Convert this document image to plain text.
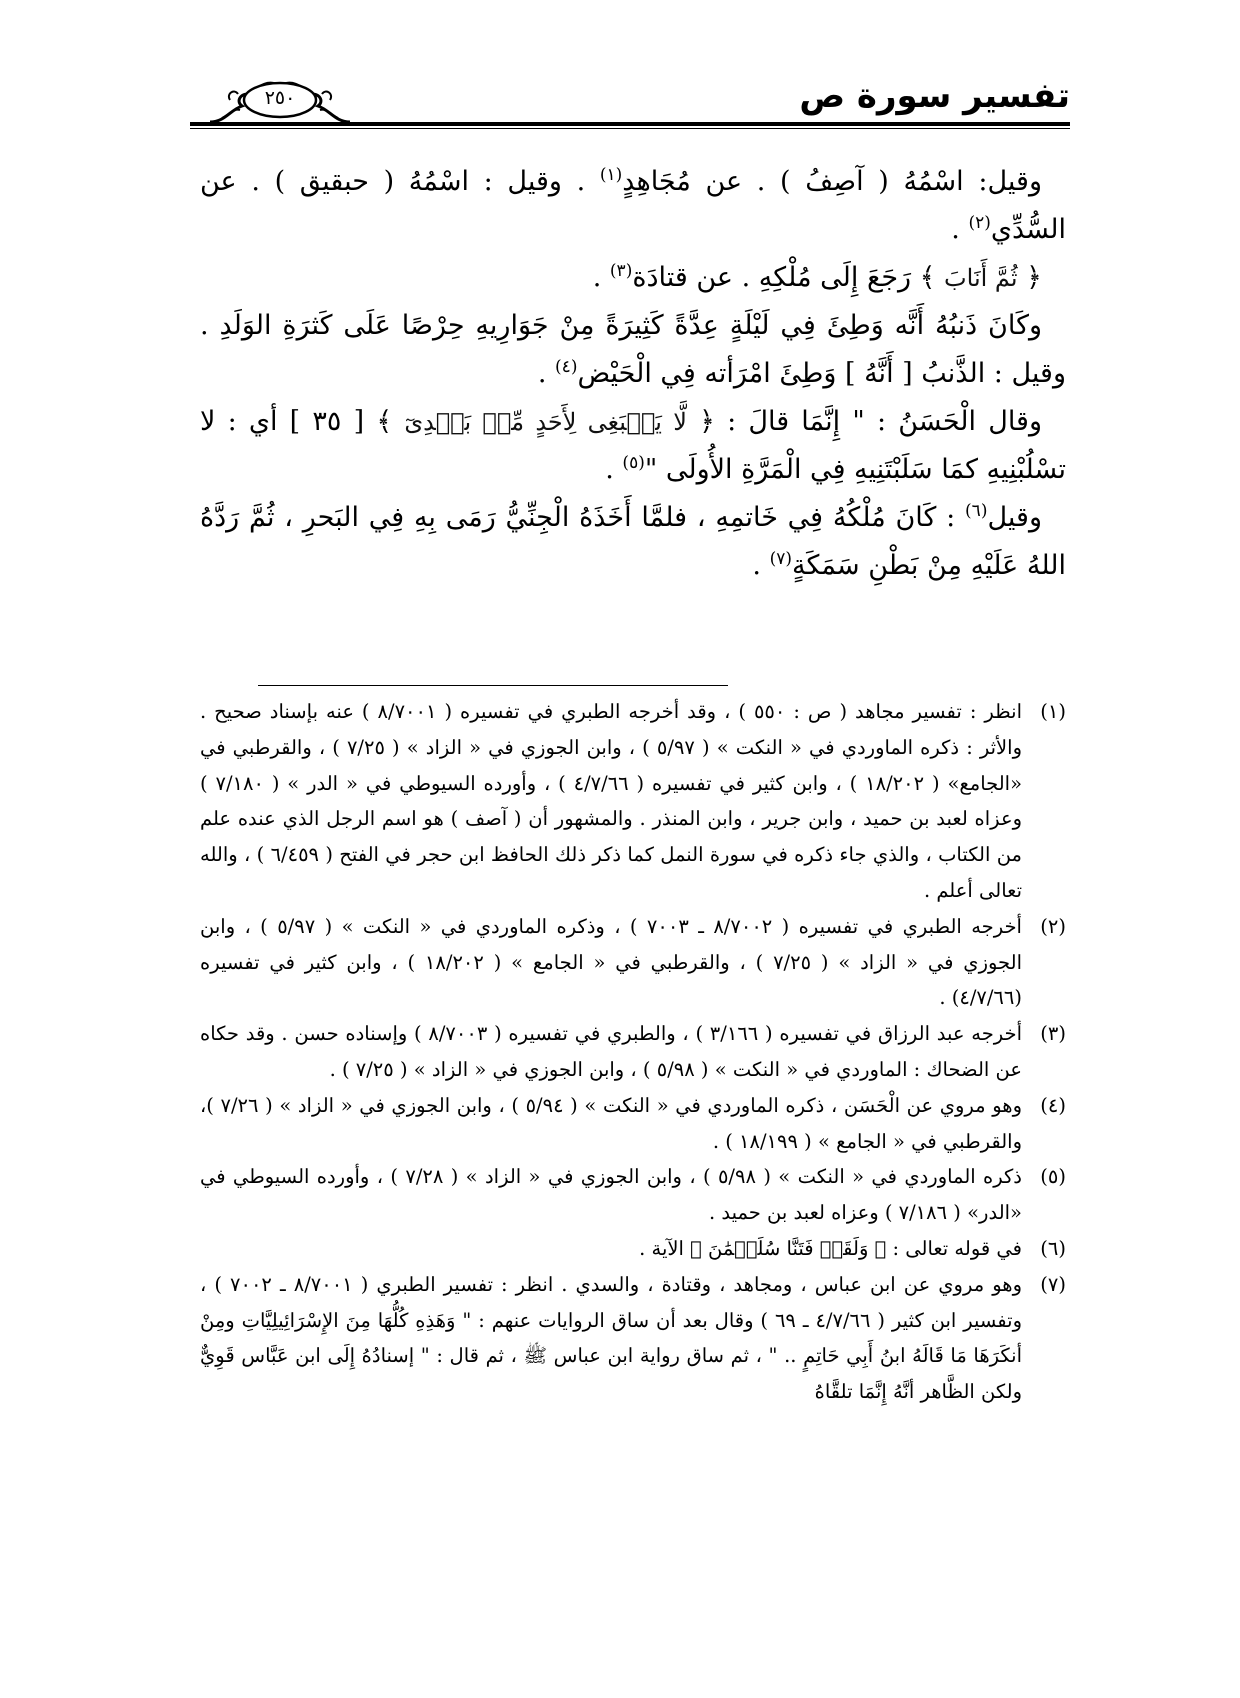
تفسير سورة ص
٢٥٠

وقيل: اسْمُهُ ( آصِفُ ) . عن مُجَاهِدٍ$^{(١)}$ . وقيل : اسْمُهُ ( حبقيق ) . عن السُّدِّي$^{(٢)}$ .

﴿ ثُمَّ أَنَابَ ﴾ رَجَعَ إِلَى مُلْكِهِ . عن قتادَة$^{(٣)}$ .

وكَانَ ذَنبُهُ أَنَّه وَطِئَ فِي لَيْلَةٍ عِدَّةً كَثِيرَةً مِنْ جَوَارِيهِ حِرْصًا عَلَى كَثرَةِ الوَلَدِ . وقيل : الذَّنبُ [ أَنَّهُ ] وَطِئَ امْرَأته فِي الْحَيْض$^{(٤)}$ .

وقال الْحَسَنُ : " إِنَّمَا قالَ : ﴿ لَّا يَنۢبَغِى لِأَحَدٍ مِّنۢ بَعۡدِىٓ ﴾ [ ٣٥ ] أي : لا تسْلُبْنِيهِ كمَا سَلَبْتَنِيهِ فِي الْمَرَّةِ الأُولَى "$^{(٥)}$ .

وقيل$^{(٦)}$ : كَانَ مُلْكُهُ فِي خَاتمِهِ ، فلمَّا أَخَذَهُ الْجِنِّيُّ رَمَى بِهِ فِي البَحرِ ، ثُمَّ رَدَّهُ اللهُ عَلَيْهِ مِنْ بَطْنِ سَمَكَةٍ$^{(٧)}$ .

(١)
انظر : تفسير مجاهد ( ص : ٥٥٠ ) ، وقد أخرجه الطبري في تفسيره ( ٨/٧٠٠١ ) عنه بإسناد صحيح . والأثر : ذكره الماوردي في « النكت » ( ٥/٩٧ ) ، وابن الجوزي في « الزاد » ( ٧/٢٥ ) ، والقرطبي في «الجامع» ( ١٨/٢٠٢ ) ، وابن كثير في تفسيره ( ٤/٧/٦٦ ) ، وأورده السيوطي في « الدر » ( ٧/١٨٠ ) وعزاه لعبد بن حميد ، وابن جرير ، وابن المنذر . والمشهور أن ( آصف ) هو اسم الرجل الذي عنده علم من الكتاب ، والذي جاء ذكره في سورة النمل كما ذكر ذلك الحافظ ابن حجر في الفتح ( ٦/٤٥٩ ) ، والله تعالى أعلم .
(٢)
أخرجه الطبري في تفسيره ( ٨/٧٠٠٢ ـ ٧٠٠٣ ) ، وذكره الماوردي في « النكت » ( ٥/٩٧ ) ، وابن الجوزي في « الزاد » ( ٧/٢٥ ) ، والقرطبي في « الجامع » ( ١٨/٢٠٢ ) ، وابن كثير في تفسيره (٤/٧/٦٦) .
(٣)
أخرجه عبد الرزاق في تفسيره ( ٣/١٦٦ ) ، والطبري في تفسيره ( ٨/٧٠٠٣ ) وإسناده حسن . وقد حكاه عن الضحاك : الماوردي في « النكت » ( ٥/٩٨ ) ، وابن الجوزي في « الزاد » ( ٧/٢٥ ) .
(٤)
وهو مروي عن الْحَسَن ، ذكره الماوردي في « النكت » ( ٥/٩٤ ) ، وابن الجوزي في « الزاد » ( ٧/٢٦ )، والقرطبي في « الجامع » ( ١٨/١٩٩ ) .
(٥)
ذكره الماوردي في « النكت » ( ٥/٩٨ ) ، وابن الجوزي في « الزاد » ( ٧/٢٨ ) ، وأورده السيوطي في «الدر» ( ٧/١٨٦ ) وعزاه لعبد بن حميد .
(٦)
في قوله تعالى : ﴿ وَلَقَدۡ فَتَنَّا سُلَيۡمَٰنَ ﴾ الآية .
(٧)
وهو مروي عن ابن عباس ، ومجاهد ، وقتادة ، والسدي . انظر : تفسير الطبري ( ٨/٧٠٠١ ـ ٧٠٠٢ ) ، وتفسير ابن كثير ( ٤/٧/٦٦ ـ ٦٩ ) وقال بعد أن ساق الروايات عنهم : " وَهَذِهِ كُلُّهَا مِنَ الإِسْرَائِيلِيَّاتِ ومِنْ أنكَرَهَا مَا قَالَهُ ابنُ أَبِي حَاتِمٍ .. " ، ثم ساق رواية ابن عباس ﷺ ، ثم قال : " إسنادُهُ إِلَى ابن عَبَّاس قَوِيٌّ ولكن الظَّاهر أنَّهُ إِنَّمَا تلقَّاهُ
